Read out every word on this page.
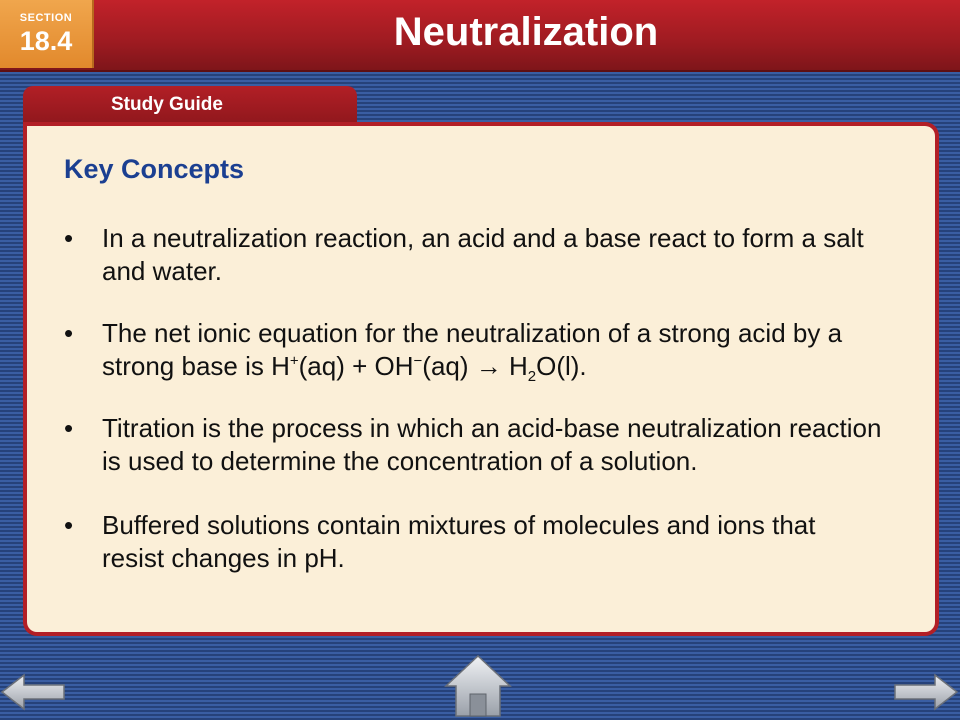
SECTION
18.4	Neutralization
Study Guide
Key Concepts
• In a neutralization reaction, an acid and a base react to form a salt and water.
• The net ionic equation for the neutralization of a strong acid by a strong base is $H^+(aq) + OH^-(aq) \to H_2O(l)$.
• Titration is the process in which an acid-base neutralization reaction is used to determine the concentration of a solution.
• Buffered solutions contain mixtures of molecules and ions that resist changes in pH.
